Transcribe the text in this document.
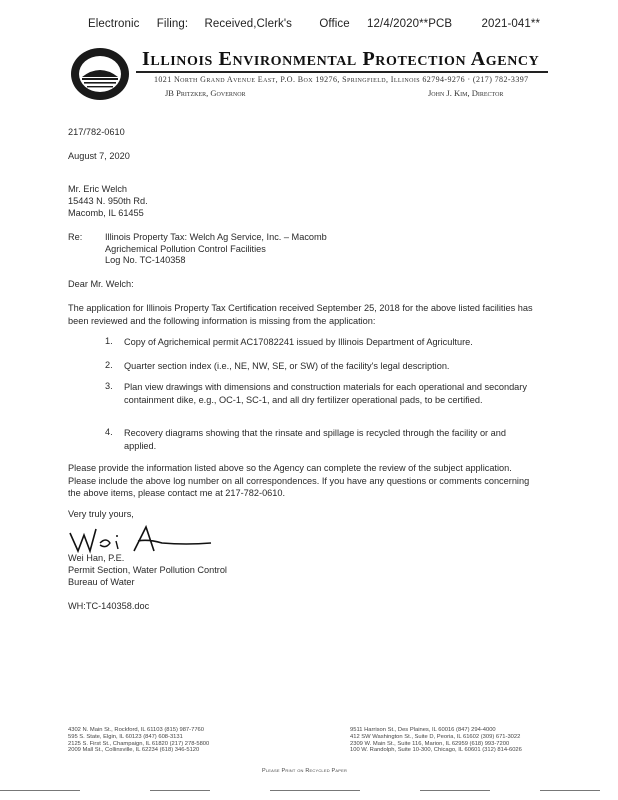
Electronic Filing: Received,Clerk's Office 12/4/2020**PCB	2021-041**
Illinois Environmental Protection Agency
1021 North Grand Avenue East, P.O. Box 19276, Springfield, Illinois 62794-9276 · (217) 782-3397
JB Pritzker, Governor	John J. Kim, Director
217/782-0610
August 7, 2020
Mr. Eric Welch
15443 N. 950th Rd.
Macomb, IL 61455
Re: Illinois Property Tax: Welch Ag Service, Inc. – Macomb
Agrichemical Pollution Control Facilities
Log No. TC-140358
Dear Mr. Welch:
The application for Illinois Property Tax Certification received September 25, 2018 for the above listed facilities has been reviewed and the following information is missing from the application:
1. Copy of Agrichemical permit AC17082241 issued by Illinois Department of Agriculture.
2. Quarter section index (i.e., NE, NW, SE, or SW) of the facility's legal description.
3. Plan view drawings with dimensions and construction materials for each operational and secondary containment dike, e.g., OC-1, SC-1, and all dry fertilizer operational pads, to be certified.
4. Recovery diagrams showing that the rinsate and spillage is recycled through the facility or and applied.
Please provide the information listed above so the Agency can complete the review of the subject application. Please include the above log number on all correspondences. If you have any questions or comments concerning the above items, please contact me at 217-782-0610.
Very truly yours,
Wei Han, P.E.
Permit Section, Water Pollution Control
Bureau of Water
WH:TC-140358.doc
4302 N. Main St., Rockford, IL 61103 (815) 987-7760
595 S. State, Elgin, IL 60123 (847) 608-3131
2125 S. First St., Champaign, IL 61820 (217) 278-5800
2009 Mall St., Collinsville, IL 62234 (618) 346-5120
9511 Harrison St., Des Plaines, IL 60016 (847) 294-4000
412 SW Washington St., Suite D, Peoria, IL 61602 (309) 671-3022
2309 W. Main St., Suite 116, Marion, IL 62959 (618) 993-7200
100 W. Randolph, Suite 10-300, Chicago, IL 60601 (312) 814-6026
Please Print on Recycled Paper
